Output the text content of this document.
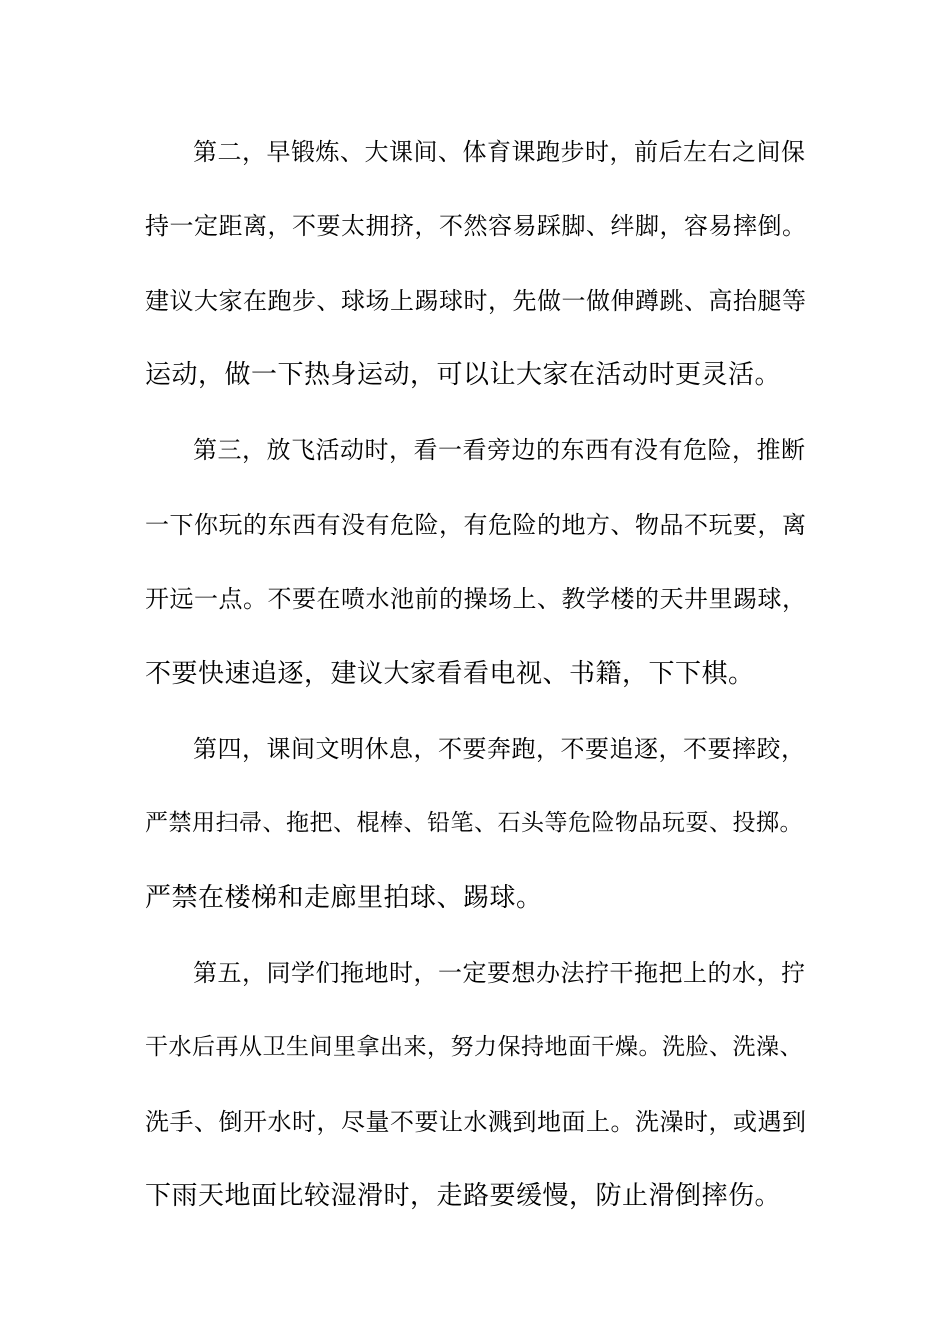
第二，早锻炼、大课间、体育课跑步时，前后左右之间保
持一定距离，不要太拥挤，不然容易踩脚、绊脚，容易摔倒。
建议大家在跑步、球场上踢球时，先做一做伸蹲跳、高抬腿等
运动，做一下热身运动，可以让大家在活动时更灵活。
第三，放飞活动时，看一看旁边的东西有没有危险，推断
一下你玩的东西有没有危险，有危险的地方、物品不玩要，离
开远一点。不要在喷水池前的操场上、教学楼的天井里踢球，
不要快速追逐，建议大家看看电视、书籍，下下棋。
第四，课间文明休息，不要奔跑，不要追逐，不要摔跤，
严禁用扫帚、拖把、棍棒、铅笔、石头等危险物品玩耍、投掷。
严禁在楼梯和走廊里拍球、踢球。
第五，同学们拖地时，一定要想办法拧干拖把上的水，拧
干水后再从卫生间里拿出来，努力保持地面干燥。洗脸、洗澡、
洗手、倒开水时，尽量不要让水溅到地面上。洗澡时，或遇到
下雨天地面比较湿滑时，走路要缓慢，防止滑倒摔伤。
